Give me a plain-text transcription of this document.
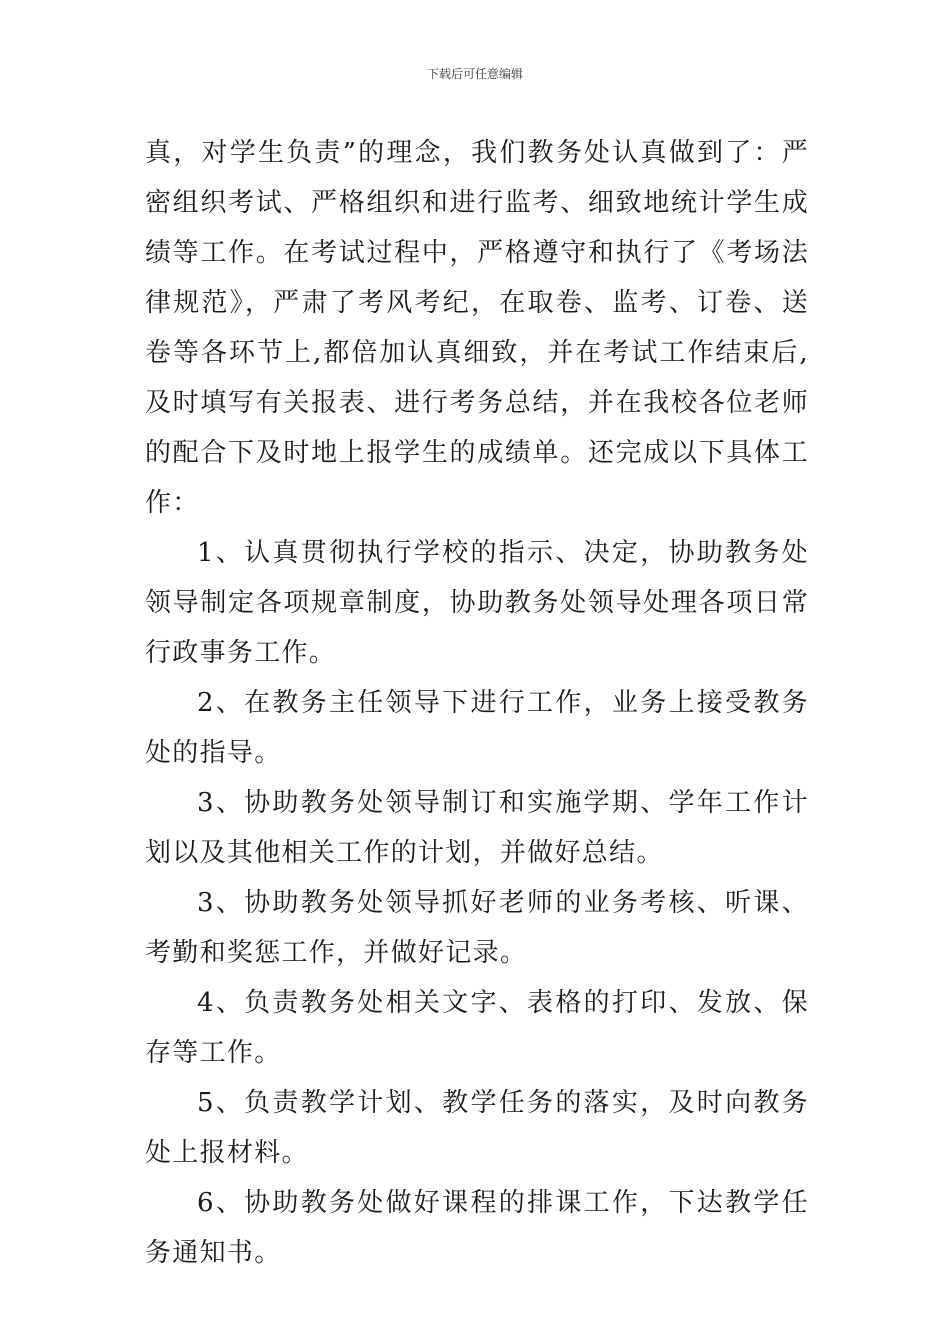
下载后可任意编辑

真，对学生负责”的理念，我们教务处认真做到了：严密组织考试、严格组织和进行监考、细致地统计学生成绩等工作。在考试过程中，严格遵守和执行了《考场法律规范》，严肃了考风考纪，在取卷、监考、订卷、送卷等各环节上,都倍加认真细致，并在考试工作结束后,及时填写有关报表、进行考务总结，并在我校各位老师的配合下及时地上报学生的成绩单。还完成以下具体工作：

1、认真贯彻执行学校的指示、决定，协助教务处领导制定各项规章制度，协助教务处领导处理各项日常行政事务工作。

2、在教务主任领导下进行工作，业务上接受教务处的指导。

3、协助教务处领导制订和实施学期、学年工作计划以及其他相关工作的计划，并做好总结。

3、协助教务处领导抓好老师的业务考核、听课、考勤和奖惩工作，并做好记录。

4、负责教务处相关文字、表格的打印、发放、保存等工作。

5、负责教学计划、教学任务的落实，及时向教务处上报材料。

6、协助教务处做好课程的排课工作，下达教学任务通知书。
